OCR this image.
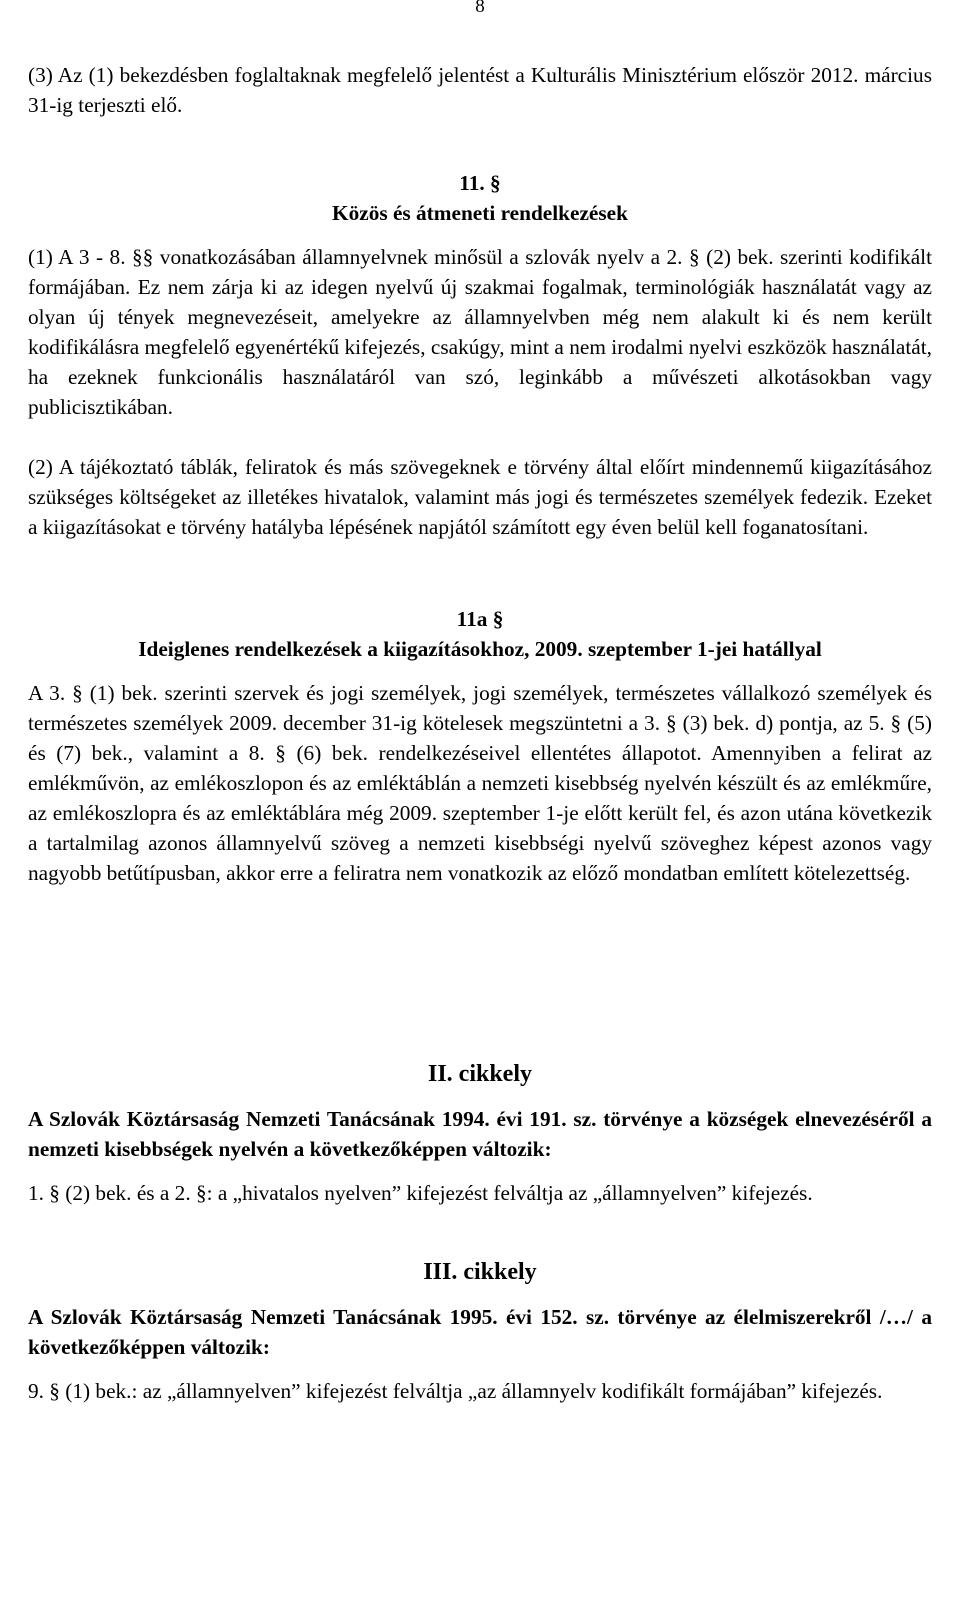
8

(3) Az (1) bekezdésben foglaltaknak megfelelő jelentést a Kulturális Minisztérium először 2012. március 31-ig terjeszti elő.

11. §

Közös és átmeneti rendelkezések

(1) A 3 - 8. §§ vonatkozásában államnyelvnek minősül a szlovák nyelv a 2. § (2) bek. szerinti kodifikált formájában. Ez nem zárja ki az idegen nyelvű új szakmai fogalmak, terminológiák használatát vagy az olyan új tények megnevezéseit, amelyekre az államnyelvben még nem alakult ki és nem került kodifikálásra megfelelő egyenértékű kifejezés, csakúgy, mint a nem irodalmi nyelvi eszközök használatát, ha ezeknek funkcionális használatáról van szó, leginkább a művészeti alkotásokban vagy publicisztikában.

(2) A tájékoztató táblák, feliratok és más szövegeknek e törvény által előírt mindennemű kiigazításához szükséges költségeket az illetékes hivatalok, valamint más jogi és természetes személyek fedezik. Ezeket a kiigazításokat e törvény hatályba lépésének napjától számított egy éven belül kell foganatosítani.

11a §

Ideiglenes rendelkezések a kiigazításokhoz, 2009. szeptember 1-jei hatállyal

A 3. § (1) bek. szerinti szervek és jogi személyek, jogi személyek, természetes vállalkozó személyek és természetes személyek 2009. december 31-ig kötelesek megszüntetni a 3. § (3) bek. d) pontja, az 5. § (5) és (7) bek., valamint a 8. § (6) bek. rendelkezéseivel ellentétes állapotot. Amennyiben a felirat az emlékművön, az emlékoszlopon és az emléktáblán a nemzeti kisebbség nyelvén készült és az emlékműre, az emlékoszlopra és az emléktáblára még 2009. szeptember 1-je előtt került fel, és azon utána következik a tartalmilag azonos államnyelvű szöveg a nemzeti kisebbségi nyelvű szöveghez képest azonos vagy nagyobb betűtípusban, akkor erre a feliratra nem vonatkozik az előző mondatban említett kötelezettség.

II. cikkely

A Szlovák Köztársaság Nemzeti Tanácsának 1994. évi 191. sz. törvénye a községek elnevezéséről a nemzeti kisebbségek nyelvén a következőképpen változik:

1. § (2) bek. és a 2. §: a „hivatalos nyelven” kifejezést felváltja az „államnyelven” kifejezés.

III. cikkely

A Szlovák Köztársaság Nemzeti Tanácsának 1995. évi 152. sz. törvénye az élelmiszerekről /…/ a következőképpen változik:

9. § (1) bek.: az „államnyelven” kifejezést felváltja „az államnyelv kodifikált formájában” kifejezés.
